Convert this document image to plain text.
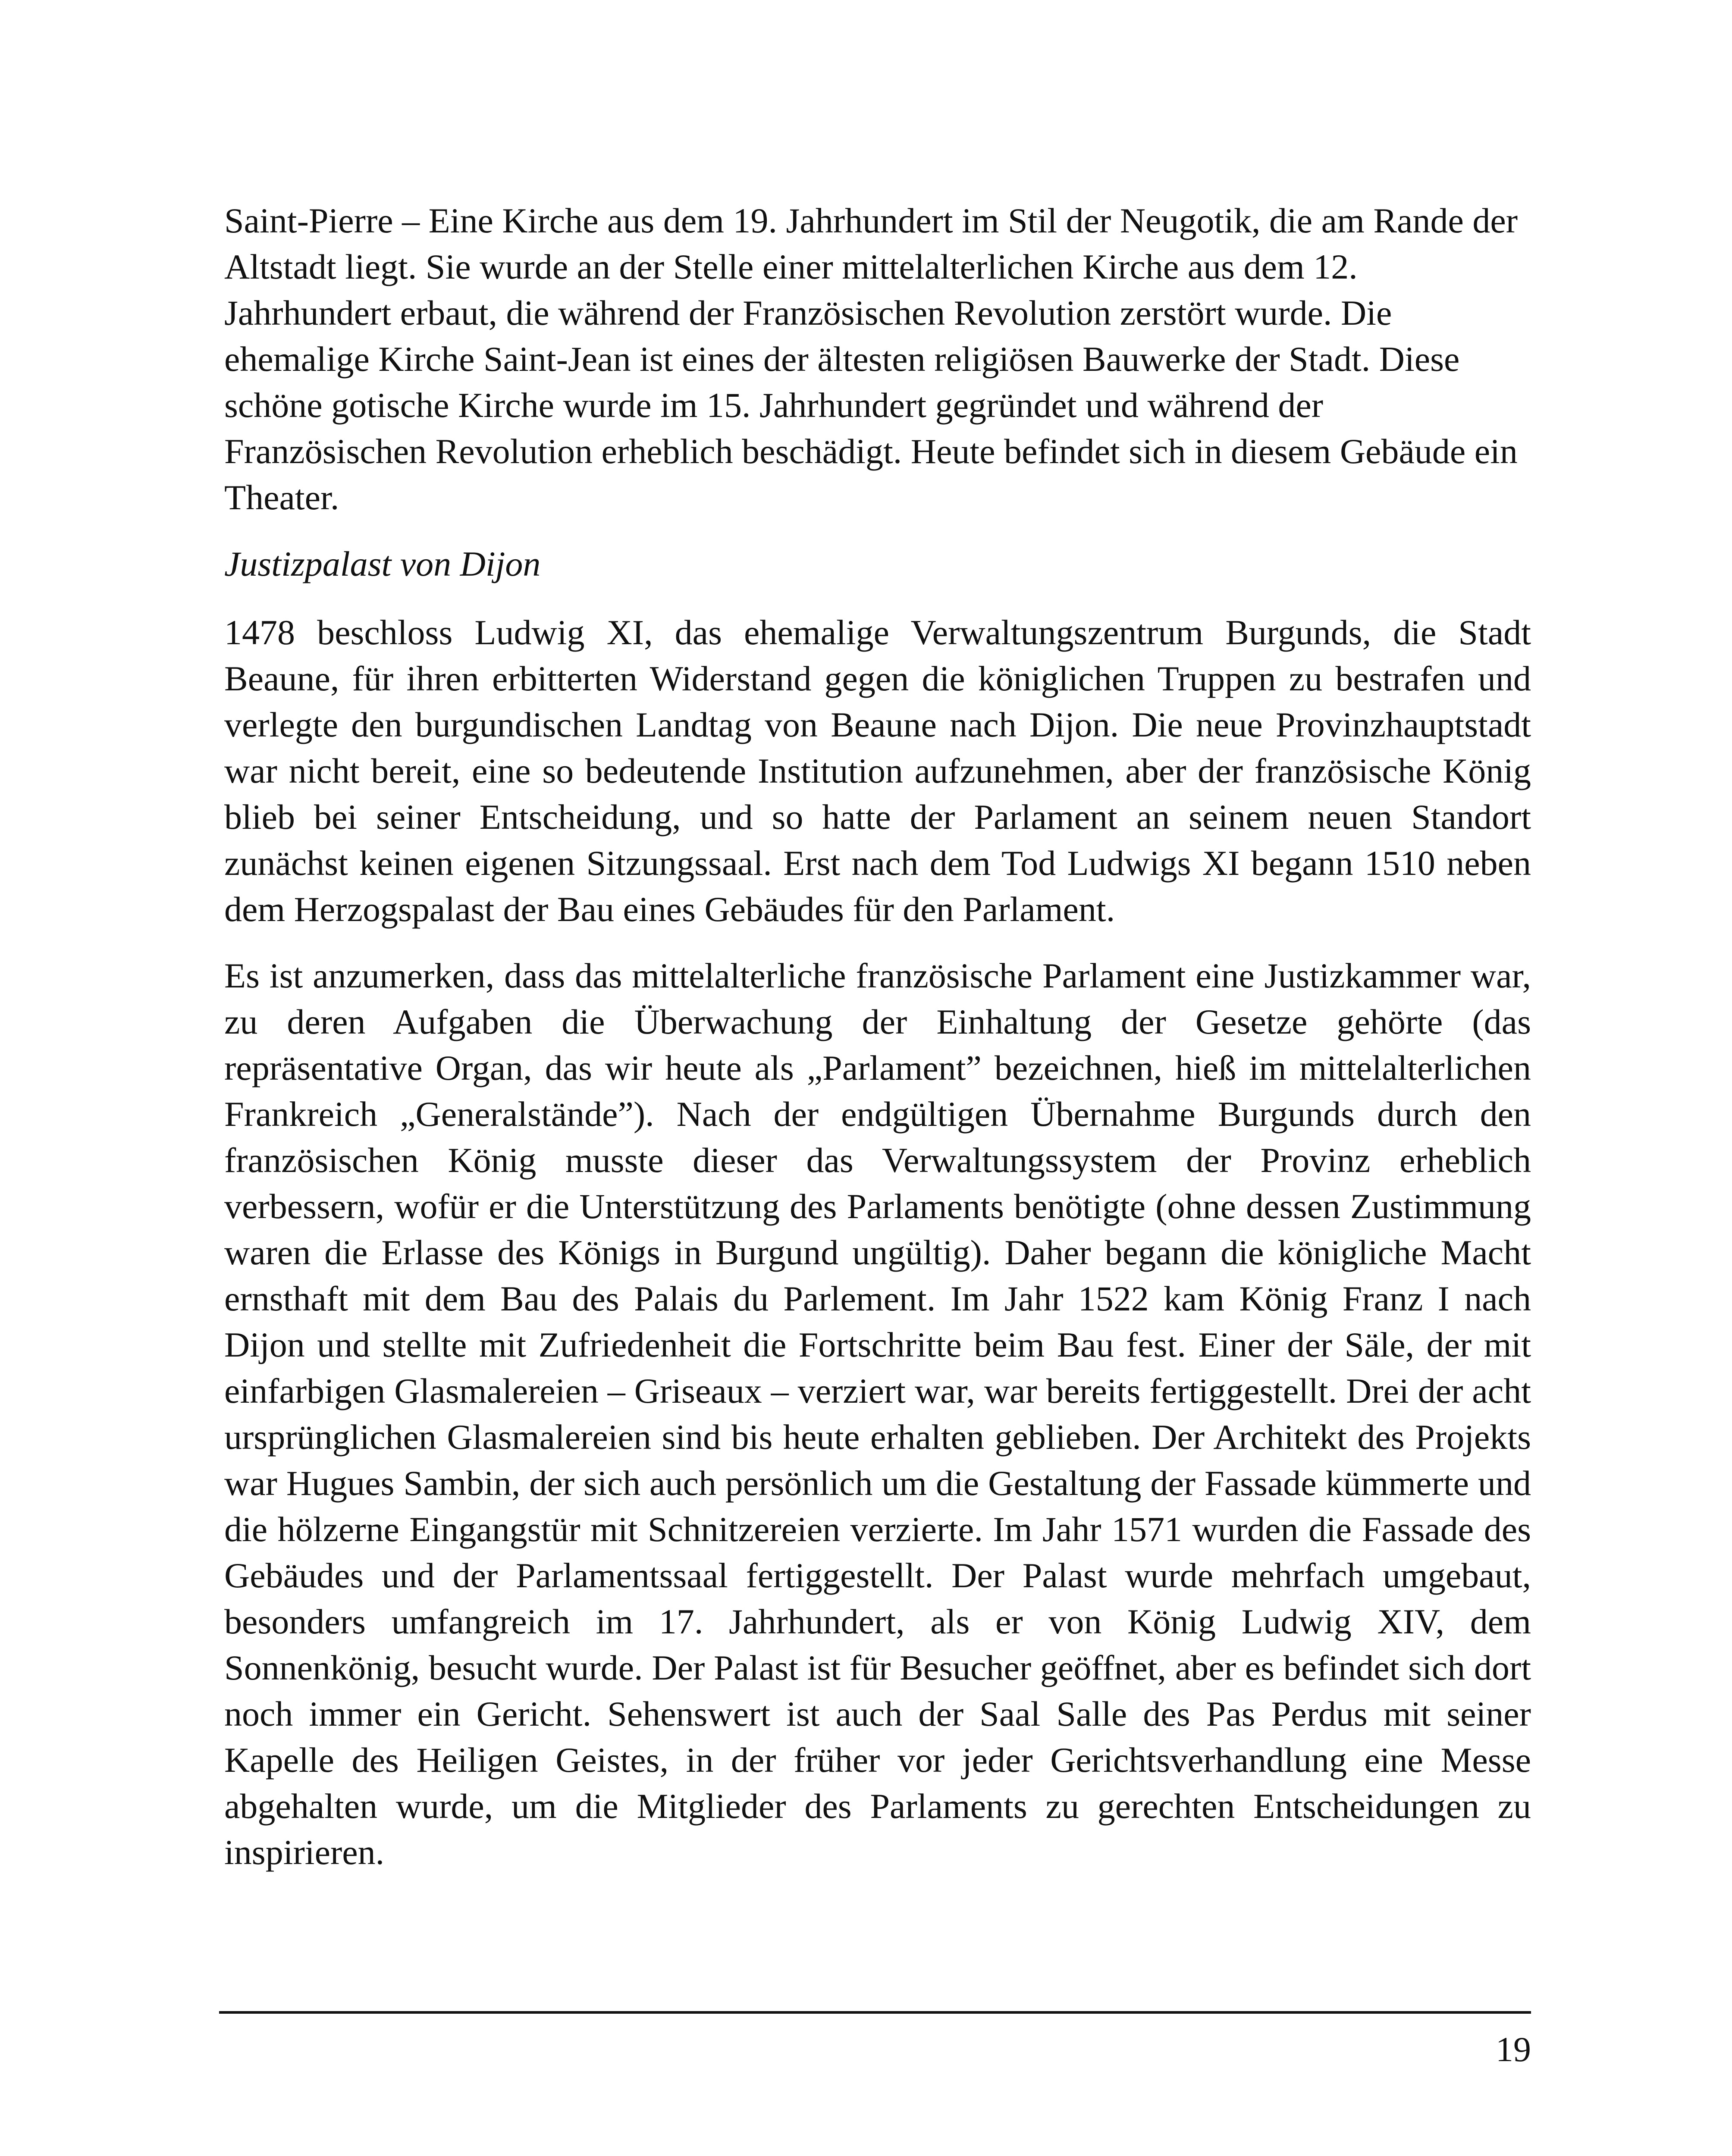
Saint-Pierre – Eine Kirche aus dem 19. Jahrhundert im Stil der Neugotik, die am Rande der Altstadt liegt. Sie wurde an der Stelle einer mittelalterlichen Kirche aus dem 12. Jahrhundert erbaut, die während der Französischen Revolution zerstört wurde. Die ehemalige Kirche Saint-Jean ist eines der ältesten religiösen Bauwerke der Stadt. Diese schöne gotische Kirche wurde im 15. Jahrhundert gegründet und während der Französischen Revolution erheblich beschädigt. Heute befindet sich in diesem Gebäude ein Theater.

Justizpalast von Dijon

1478 beschloss Ludwig XI, das ehemalige Verwaltungszentrum Burgunds, die Stadt Beaune, für ihren erbitterten Widerstand gegen die königlichen Truppen zu bestrafen und verlegte den burgundischen Landtag von Beaune nach Dijon. Die neue Provinzhauptstadt war nicht bereit, eine so bedeutende Institution aufzunehmen, aber der französische König blieb bei seiner Entscheidung, und so hatte der Parlament an seinem neuen Standort zunächst keinen eigenen Sitzungssaal. Erst nach dem Tod Ludwigs XI begann 1510 neben dem Herzogspalast der Bau eines Gebäudes für den Parlament.

Es ist anzumerken, dass das mittelalterliche französische Parlament eine Justizkammer war, zu deren Aufgaben die Überwachung der Einhaltung der Gesetze gehörte (das repräsentative Organ, das wir heute als „Parlament” bezeichnen, hieß im mittelalterlichen Frankreich „Generalstände”). Nach der endgültigen Übernahme Burgunds durch den französischen König musste dieser das Verwaltungssystem der Provinz erheblich verbessern, wofür er die Unterstützung des Parlaments benötigte (ohne dessen Zustimmung waren die Erlasse des Königs in Burgund ungültig). Daher begann die königliche Macht ernsthaft mit dem Bau des Palais du Parlement. Im Jahr 1522 kam König Franz I nach Dijon und stellte mit Zufriedenheit die Fortschritte beim Bau fest. Einer der Säle, der mit einfarbigen Glasmalereien – Griseaux – verziert war, war bereits fertiggestellt. Drei der acht ursprünglichen Glasmalereien sind bis heute erhalten geblieben. Der Architekt des Projekts war Hugues Sambin, der sich auch persönlich um die Gestaltung der Fassade kümmerte und die hölzerne Eingangstür mit Schnitzereien verzierte. Im Jahr 1571 wurden die Fassade des Gebäudes und der Parlamentssaal fertiggestellt. Der Palast wurde mehrfach umgebaut, besonders umfangreich im 17. Jahrhundert, als er von König Ludwig XIV, dem Sonnenkönig, besucht wurde. Der Palast ist für Besucher geöffnet, aber es befindet sich dort noch immer ein Gericht. Sehenswert ist auch der Saal Salle des Pas Perdus mit seiner Kapelle des Heiligen Geistes, in der früher vor jeder Gerichtsverhandlung eine Messe abgehalten wurde, um die Mitglieder des Parlaments zu gerechten Entscheidungen zu inspirieren.

19
